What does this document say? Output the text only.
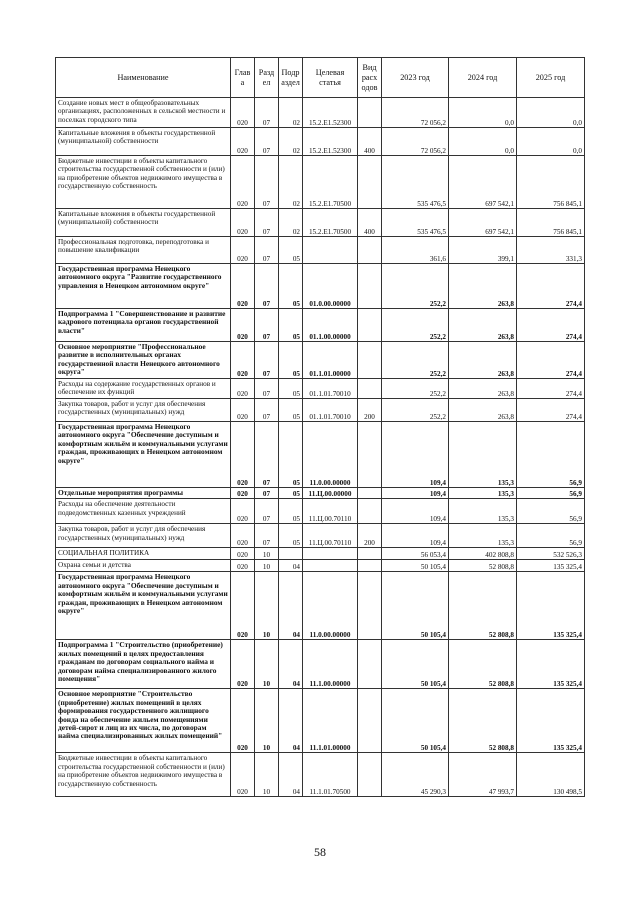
Наименование	Глав а	Разд ел	Подр аздел	Целевая статья	Вид расх одов	2023 год	2024 год	2025 год
Создание новых мест в общеобразовательных организациях, расположенных в сельской местности и поселках городского типа	020	07	02	15.2.Е1.52300		72 056,2	0,0	0,0
Капитальные вложения в объекты государственной (муниципальной) собственности	020	07	02	15.2.Е1.52300	400	72 056,2	0,0	0,0
Бюджетные инвестиции в объекты капитального строительства государственной собственности и (или) на приобретение объектов недвижимого имущества в государственную собственность	020	07	02	15.2.Е1.70500		535 476,5	697 542,1	756 845,1
Капитальные вложения в объекты государственной (муниципальной) собственности	020	07	02	15.2.Е1.70500	400	535 476,5	697 542,1	756 845,1
Профессиональная подготовка, переподготовка и повышение квалификации	020	07	05			361,6	399,1	331,3
Государственная программа Ненецкого автономного округа "Развитие государственного управления в Ненецком автономном округе"	020	07	05	01.0.00.00000		252,2	263,8	274,4
Подпрограмма 1 "Совершенствование и развитие кадрового потенциала органов государственной власти"	020	07	05	01.1.00.00000		252,2	263,8	274,4
Основное мероприятие "Профессиональное развитие в исполнительных органах государственной власти Ненецкого автономного округа"	020	07	05	01.1.01.00000		252,2	263,8	274,4
Расходы на содержание государственных органов и обеспечение их функций	020	07	05	01.1.01.70010		252,2	263,8	274,4
Закупка товаров, работ и услуг для обеспечения государственных (муниципальных) нужд	020	07	05	01.1.01.70010	200	252,2	263,8	274,4
Государственная программа Ненецкого автономного округа "Обеспечение доступным и комфортным жильём и коммунальными услугами граждан, проживающих в Ненецком автономном округе"	020	07	05	11.0.00.00000		109,4	135,3	56,9
Отдельные мероприятия программы	020	07	05	11.Ц.00.00000		109,4	135,3	56,9
Расходы на обеспечение деятельности подведомственных казенных учреждений	020	07	05	11.Ц.00.70110		109,4	135,3	56,9
Закупка товаров, работ и услуг для обеспечения государственных (муниципальных) нужд	020	07	05	11.Ц.00.70110	200	109,4	135,3	56,9
СОЦИАЛЬНАЯ ПОЛИТИКА	020	10				56 053,4	402 808,8	532 526,3
Охрана семьи и детства	020	10	04			50 105,4	52 808,8	135 325,4
Государственная программа Ненецкого автономного округа "Обеспечение доступным и комфортным жильём и коммунальными услугами граждан, проживающих в Ненецком автономном округе"	020	10	04	11.0.00.00000		50 105,4	52 808,8	135 325,4
Подпрограмма 1 "Строительство (приобретение) жилых помещений в целях предоставления гражданам по договорам социального найма и договорам найма специализированного жилого помещения"	020	10	04	11.1.00.00000		50 105,4	52 808,8	135 325,4
Основное мероприятие "Строительство (приобретение) жилых помещений в целях формирования государственного жилищного фонда на обеспечение жильем помещениями детей-сирот и лиц из их числа, по договорам найма специализированных жилых помещений"	020	10	04	11.1.01.00000		50 105,4	52 808,8	135 325,4
Бюджетные инвестиции в объекты капитального строительства государственной собственности и (или) на приобретение объектов недвижимого имущества в государственную собственность	020	10	04	11.1.01.70500		45 290,3	47 993,7	130 498,5
58
